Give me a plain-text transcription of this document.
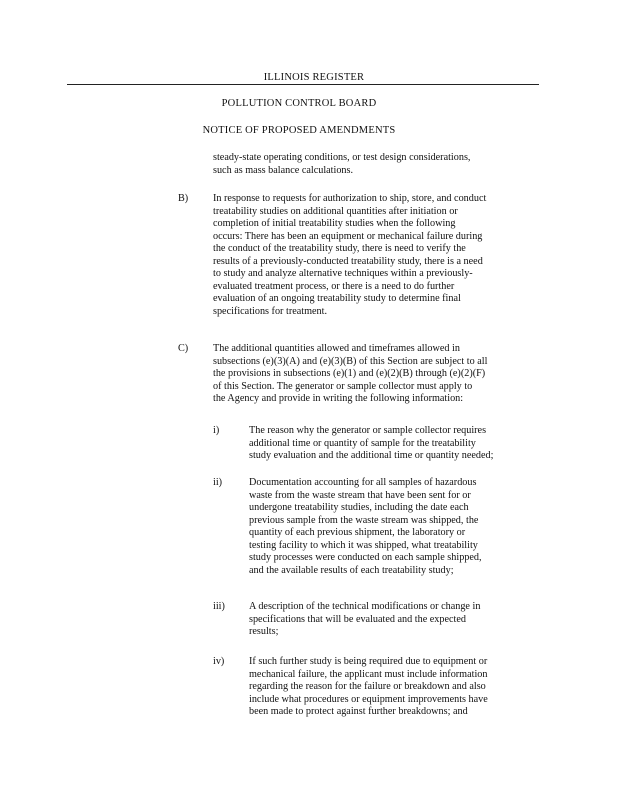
ILLINOIS REGISTER
POLLUTION CONTROL BOARD
NOTICE OF PROPOSED AMENDMENTS
steady-state operating conditions, or test design considerations,
such as mass balance calculations.
B) In response to requests for authorization to ship, store, and conduct
treatability studies on additional quantities after initiation or
completion of initial treatability studies when the following
occurs: There has been an equipment or mechanical failure during
the conduct of the treatability study, there is need to verify the
results of a previously-conducted treatability study, there is a need
to study and analyze alternative techniques within a previously-
evaluated treatment process, or there is a need to do further
evaluation of an ongoing treatability study to determine final
specifications for treatment.
C) The additional quantities allowed and timeframes allowed in
subsections (e)(3)(A) and (e)(3)(B) of this Section are subject to all
the provisions in subsections (e)(1) and (e)(2)(B) through (e)(2)(F)
of this Section. The generator or sample collector must apply to
the Agency and provide in writing the following information:
i)	The reason why the generator or sample collector requires
additional time or quantity of sample for the treatability
study evaluation and the additional time or quantity needed;
ii)	Documentation accounting for all samples of hazardous
waste from the waste stream that have been sent for or
undergone treatability studies, including the date each
previous sample from the waste stream was shipped, the
quantity of each previous shipment, the laboratory or
testing facility to which it was shipped, what treatability
study processes were conducted on each sample shipped,
and the available results of each treatability study;
iii) A description of the technical modifications or change in
specifications that will be evaluated and the expected
results;
iv) If such further study is being required due to equipment or
mechanical failure, the applicant must include information
regarding the reason for the failure or breakdown and also
include what procedures or equipment improvements have
been made to protect against further breakdowns; and
